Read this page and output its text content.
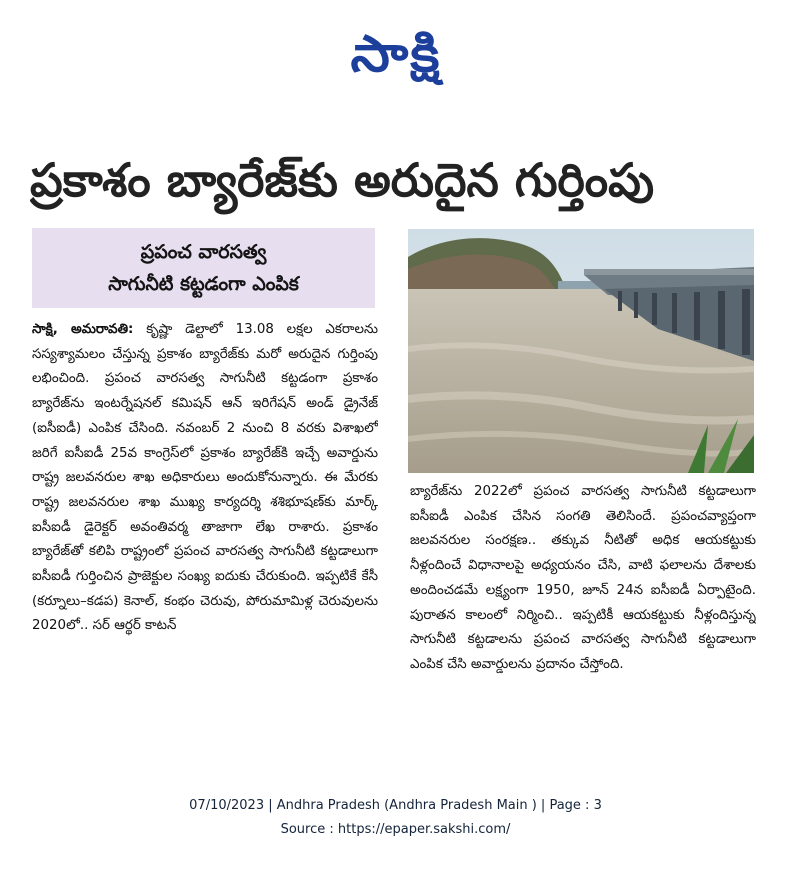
సాక్షి
ప్రకాశం బ్యారేజ్‌కు అరుదైన గుర్తింపు
ప్రపంచ వారసత్వ
సాగునీటి కట్టడంగా ఎంపిక

సాక్షి, అమరావతి: కృష్ణా డెల్టాలో 13.08 లక్షల ఎకరాలను సస్యశ్యామలం చేస్తున్న ప్రకాశం బ్యారేజ్‌కు మరో అరుదైన గుర్తింపు లభించింది. ప్రపంచ వారసత్వ సాగునీటి కట్టడంగా ప్రకాశం బ్యారేజ్‌ను ఇంటర్నేషనల్ కమిషన్ ఆన్ ఇరిగేషన్ అండ్ డ్రైనేజ్ (ఐసీఐడీ) ఎంపిక చేసింది. నవంబర్ 2 నుంచి 8 వరకు విశాఖలో జరిగే ఐసీఐడీ 25వ కాంగ్రెస్‌లో ప్రకాశం బ్యారేజ్‌కి ఇచ్చే అవార్డును రాష్ట్ర జలవనరుల శాఖ అధికారులు అందుకోనున్నారు. ఈ మేరకు రాష్ట్ర జలవనరుల శాఖ ముఖ్య కార్యదర్శి శశిభూషణ్‌కు మార్క్ ఐసీఐడీ డైరెక్టర్ అవంతివర్మ తాజాగా లేఖ రాశారు. ప్రకాశం బ్యారేజ్‌తో కలిపి రాష్ట్రంలో ప్రపంచ వారసత్వ సాగునీటి కట్టడాలుగా ఐసీఐడీ గుర్తించిన ప్రాజెక్టుల సంఖ్య ఐదుకు చేరుకుంది. ఇప్పటికే కేసీ (కర్నూలు–కడప) కెనాల్, కంభం చెరువు, పోరుమామిళ్ల చెరువులను 2020లో.. సర్ ఆర్థర్ కాటన్

బ్యారేజ్‌ను 2022లో ప్రపంచ వారసత్వ సాగునీటి కట్టడాలుగా ఐసీఐడీ ఎంపిక చేసిన సంగతి తెలిసిందే. ప్రపంచవ్యాప్తంగా జలవనరుల సంరక్షణ.. తక్కువ నీటితో అధిక ఆయకట్టుకు నీళ్లందించే విధానాలపై అధ్యయనం చేసి, వాటి ఫలాలను దేశాలకు అందించడమే లక్ష్యంగా 1950, జూన్ 24న ఐసీఐడీ ఏర్పాటైంది. పురాతన కాలంలో నిర్మించి.. ఇప్పటికీ ఆయకట్టుకు నీళ్లందిస్తున్న సాగునీటి కట్టడాలను ప్రపంచ వారసత్వ సాగునీటి కట్టడాలుగా ఎంపిక చేసి అవార్డులను ప్రదానం చేస్తోంది.

07/10/2023 | Andhra Pradesh (Andhra Pradesh Main ) | Page : 3
Source : https://epaper.sakshi.com/
